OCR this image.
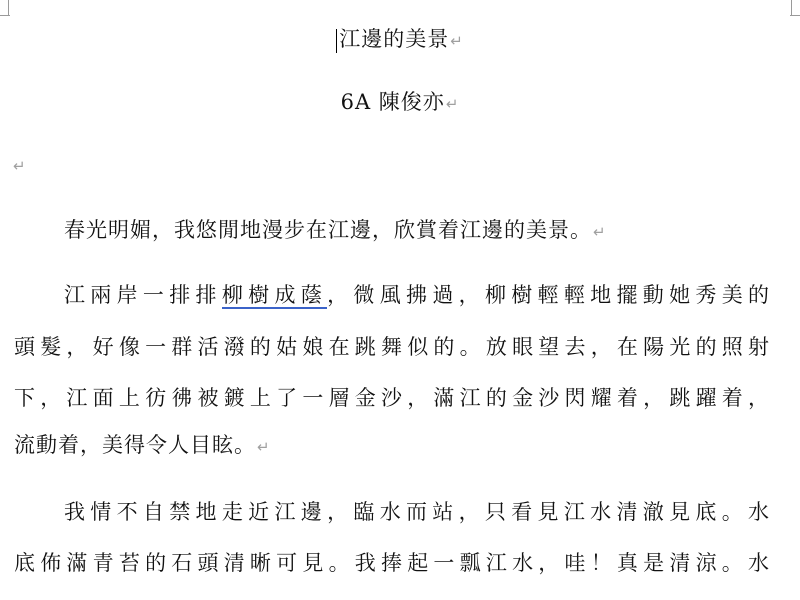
江邊的美景↵
6A 陳俊亦↵
↵
春光明媚，我悠閒地漫步在江邊，欣賞着江邊的美景。↵
江兩岸一排排柳樹成蔭，微風拂過，柳樹輕輕地擺動她秀美的
頭髮，好像一群活潑的姑娘在跳舞似的。放眼望去，在陽光的照射
下，江面上彷彿被鍍上了一層金沙，滿江的金沙閃耀着，跳躍着，
流動着，美得令人目眩。↵
我情不自禁地走近江邊，臨水而站，只看見江水清澈見底。水
底佈滿青苔的石頭清晰可見。我捧起一瓢江水，哇！真是清涼。水
